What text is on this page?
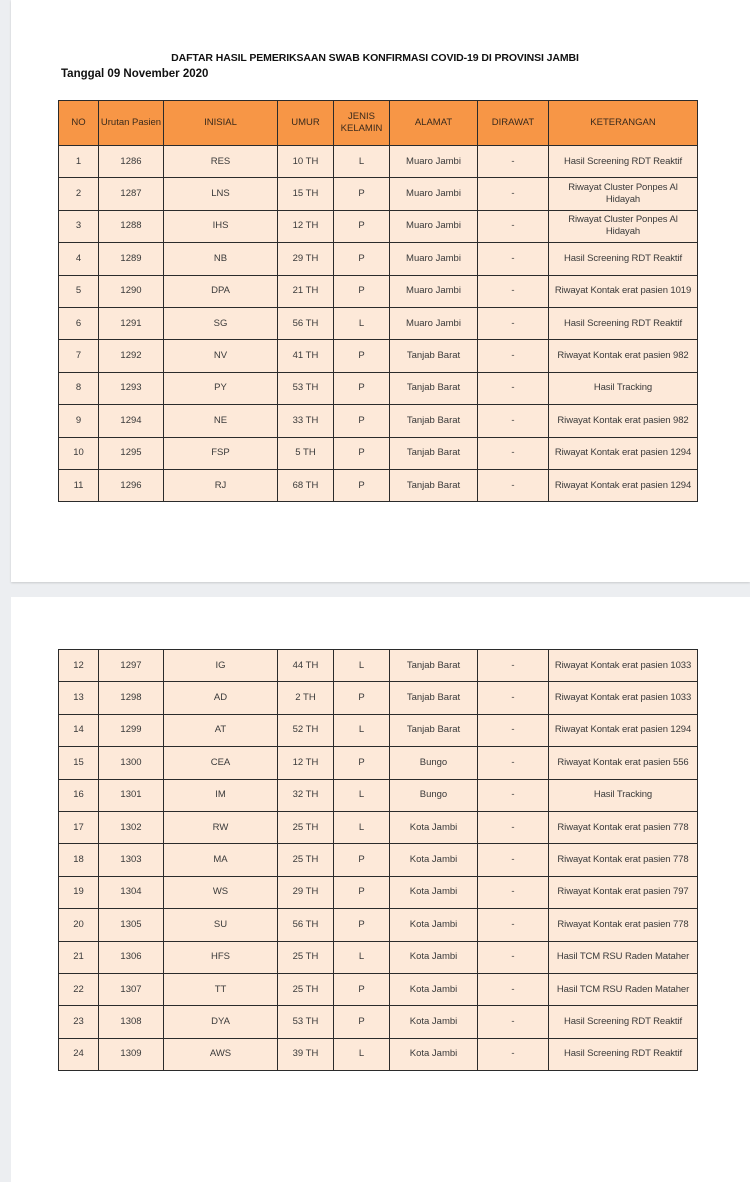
DAFTAR HASIL PEMERIKSAAN SWAB KONFIRMASI COVID-19 DI PROVINSI JAMBI
Tanggal 09 November 2020
NO	Urutan Pasien	INISIAL	UMUR	JENIS KELAMIN	ALAMAT	DIRAWAT	KETERANGAN
1	1286	RES	10 TH	L	Muaro Jambi	-	Hasil Screening RDT Reaktif
2	1287	LNS	15 TH	P	Muaro Jambi	-	Riwayat Cluster Ponpes Al Hidayah
3	1288	IHS	12 TH	P	Muaro Jambi	-	Riwayat Cluster Ponpes Al Hidayah
4	1289	NB	29 TH	P	Muaro Jambi	-	Hasil Screening RDT Reaktif
5	1290	DPA	21 TH	P	Muaro Jambi	-	Riwayat Kontak erat pasien 1019
6	1291	SG	56 TH	L	Muaro Jambi	-	Hasil Screening RDT Reaktif
7	1292	NV	41 TH	P	Tanjab Barat	-	Riwayat Kontak erat pasien 982
8	1293	PY	53 TH	P	Tanjab Barat	-	Hasil Tracking
9	1294	NE	33 TH	P	Tanjab Barat	-	Riwayat Kontak erat pasien 982
10	1295	FSP	5 TH	P	Tanjab Barat	-	Riwayat Kontak erat pasien 1294
11	1296	RJ	68 TH	P	Tanjab Barat	-	Riwayat Kontak erat pasien 1294
12	1297	IG	44 TH	L	Tanjab Barat	-	Riwayat Kontak erat pasien 1033
13	1298	AD	2 TH	P	Tanjab Barat	-	Riwayat Kontak erat pasien 1033
14	1299	AT	52 TH	L	Tanjab Barat	-	Riwayat Kontak erat pasien 1294
15	1300	CEA	12 TH	P	Bungo	-	Riwayat Kontak erat pasien 556
16	1301	IM	32 TH	L	Bungo	-	Hasil Tracking
17	1302	RW	25 TH	L	Kota Jambi	-	Riwayat Kontak erat pasien 778
18	1303	MA	25 TH	P	Kota Jambi	-	Riwayat Kontak erat pasien 778
19	1304	WS	29 TH	P	Kota Jambi	-	Riwayat Kontak erat pasien 797
20	1305	SU	56 TH	P	Kota Jambi	-	Riwayat Kontak erat pasien 778
21	1306	HFS	25 TH	L	Kota Jambi	-	Hasil TCM RSU Raden Mataher
22	1307	TT	25 TH	P	Kota Jambi	-	Hasil TCM RSU Raden Mataher
23	1308	DYA	53 TH	P	Kota Jambi	-	Hasil Screening RDT Reaktif
24	1309	AWS	39 TH	L	Kota Jambi	-	Hasil Screening RDT Reaktif
